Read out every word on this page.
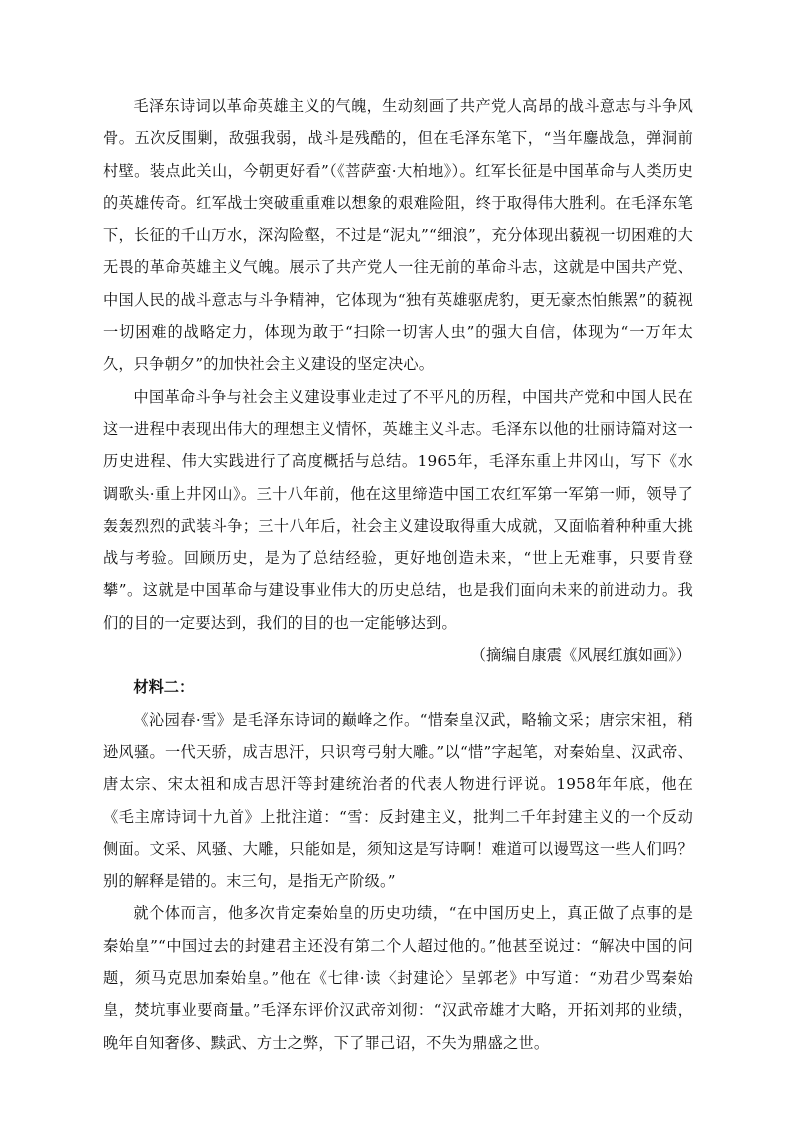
毛泽东诗词以革命英雄主义的气魄，生动刻画了共产党人高昂的战斗意志与斗争风骨。五次反围剿，敌强我弱，战斗是残酷的，但在毛泽东笔下，“当年鏖战急，弹洞前村壁。装点此关山，今朝更好看”（《菩萨蛮·大柏地》）。红军长征是中国革命与人类历史的英雄传奇。红军战士突破重重难以想象的艰难险阻，终于取得伟大胜利。在毛泽东笔下，长征的千山万水，深沟险壑，不过是“泥丸”“细浪”，充分体现出藐视一切困难的大无畏的革命英雄主义气魄。展示了共产党人一往无前的革命斗志，这就是中国共产党、中国人民的战斗意志与斗争精神，它体现为“独有英雄驱虎豹，更无豪杰怕熊罴”的藐视一切困难的战略定力，体现为敢于“扫除一切害人虫”的强大自信，体现为“一万年太久，只争朝夕”的加快社会主义建设的坚定决心。

中国革命斗争与社会主义建设事业走过了不平凡的历程，中国共产党和中国人民在这一进程中表现出伟大的理想主义情怀，英雄主义斗志。毛泽东以他的壮丽诗篇对这一历史进程、伟大实践进行了高度概括与总结。1965年，毛泽东重上井冈山，写下《水调歌头·重上井冈山》。三十八年前，他在这里缔造中国工农红军第一军第一师，领导了轰轰烈烈的武装斗争；三十八年后，社会主义建设取得重大成就，又面临着种种重大挑战与考验。回顾历史，是为了总结经验，更好地创造未来，“世上无难事，只要肯登攀”。这就是中国革命与建设事业伟大的历史总结，也是我们面向未来的前进动力。我们的目的一定要达到，我们的目的也一定能够达到。

（摘编自康震《风展红旗如画》）

材料二：

《沁园春·雪》是毛泽东诗词的巅峰之作。“惜秦皇汉武，略输文采；唐宗宋祖，稍逊风骚。一代天骄，成吉思汗，只识弯弓射大雕。”以“惜”字起笔，对秦始皇、汉武帝、唐太宗、宋太祖和成吉思汗等封建统治者的代表人物进行评说。1958年年底，他在《毛主席诗词十九首》上批注道：“雪：反封建主义，批判二千年封建主义的一个反动侧面。文采、风骚、大雕，只能如是，须知这是写诗啊！难道可以谩骂这一些人们吗？别的解释是错的。末三句，是指无产阶级。”

就个体而言，他多次肯定秦始皇的历史功绩，“在中国历史上，真正做了点事的是秦始皇”“中国过去的封建君主还没有第二个人超过他的。”他甚至说过：“解决中国的问题，须马克思加秦始皇。”他在《七律·读〈封建论〉呈郭老》中写道：“劝君少骂秦始皇，焚坑事业要商量。”毛泽东评价汉武帝刘彻：“汉武帝雄才大略，开拓刘邦的业绩，晚年自知奢侈、黩武、方士之弊，下了罪己诏，不失为鼎盛之世。
